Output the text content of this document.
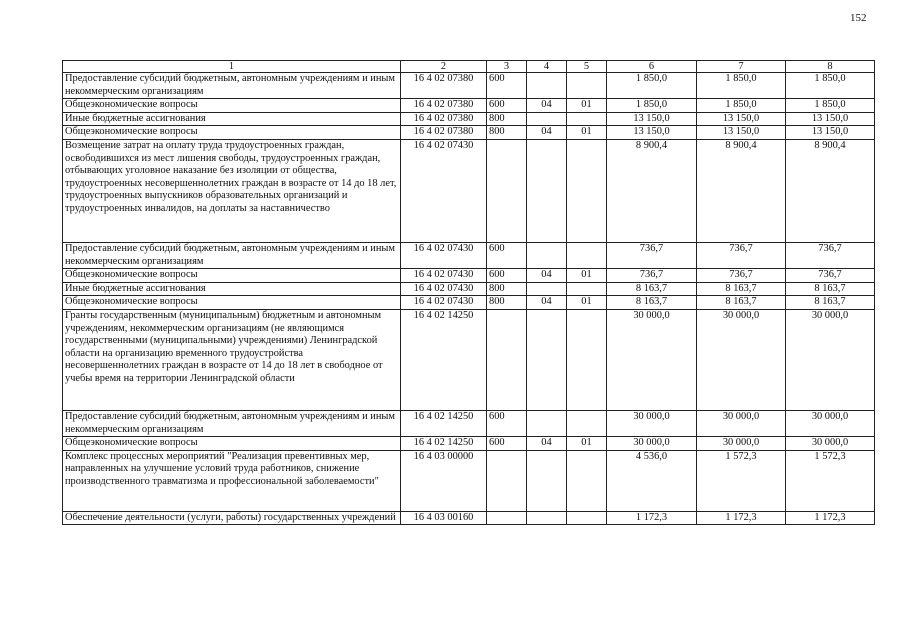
152
1	2	3	4	5	6	7	8
Предоставление субсидий бюджетным, автономным учреждениям и иным некоммерческим организациям	16 4 02 07380	600			1 850,0	1 850,0	1 850,0
Общеэкономические вопросы	16 4 02 07380	600	04	01	1 850,0	1 850,0	1 850,0
Иные бюджетные ассигнования	16 4 02 07380	800			13 150,0	13 150,0	13 150,0
Общеэкономические вопросы	16 4 02 07380	800	04	01	13 150,0	13 150,0	13 150,0
Возмещение затрат на оплату труда трудоустроенных граждан, освободившихся из мест лишения свободы, трудоустроенных граждан, отбывающих уголовное наказание без изоляции от общества, трудоустроенных несовершеннолетних граждан в возрасте от 14 до 18 лет, трудоустроенных выпускников образовательных организаций и трудоустроенных инвалидов, на доплаты за наставничество	16 4 02 07430				8 900,4	8 900,4	8 900,4
Предоставление субсидий бюджетным, автономным учреждениям и иным некоммерческим организациям	16 4 02 07430	600			736,7	736,7	736,7
Общеэкономические вопросы	16 4 02 07430	600	04	01	736,7	736,7	736,7
Иные бюджетные ассигнования	16 4 02 07430	800			8 163,7	8 163,7	8 163,7
Общеэкономические вопросы	16 4 02 07430	800	04	01	8 163,7	8 163,7	8 163,7
Гранты государственным (муниципальным) бюджетным и автономным учреждениям, некоммерческим организациям (не являющимся государственными (муниципальными) учреждениями) Ленинградской области на организацию временного трудоустройства несовершеннолетних граждан в возрасте от 14 до 18 лет в свободное от учебы время на территории Ленинградской области	16 4 02 14250				30 000,0	30 000,0	30 000,0
Предоставление субсидий бюджетным, автономным учреждениям и иным некоммерческим организациям	16 4 02 14250	600			30 000,0	30 000,0	30 000,0
Общеэкономические вопросы	16 4 02 14250	600	04	01	30 000,0	30 000,0	30 000,0
Комплекс процессных мероприятий "Реализация превентивных мер, направленных на улучшение условий труда работников, снижение производственного травматизма и профессиональной заболеваемости"	16 4 03 00000				4 536,0	1 572,3	1 572,3
Обеспечение деятельности (услуги, работы) государственных учреждений	16 4 03 00160				1 172,3	1 172,3	1 172,3
